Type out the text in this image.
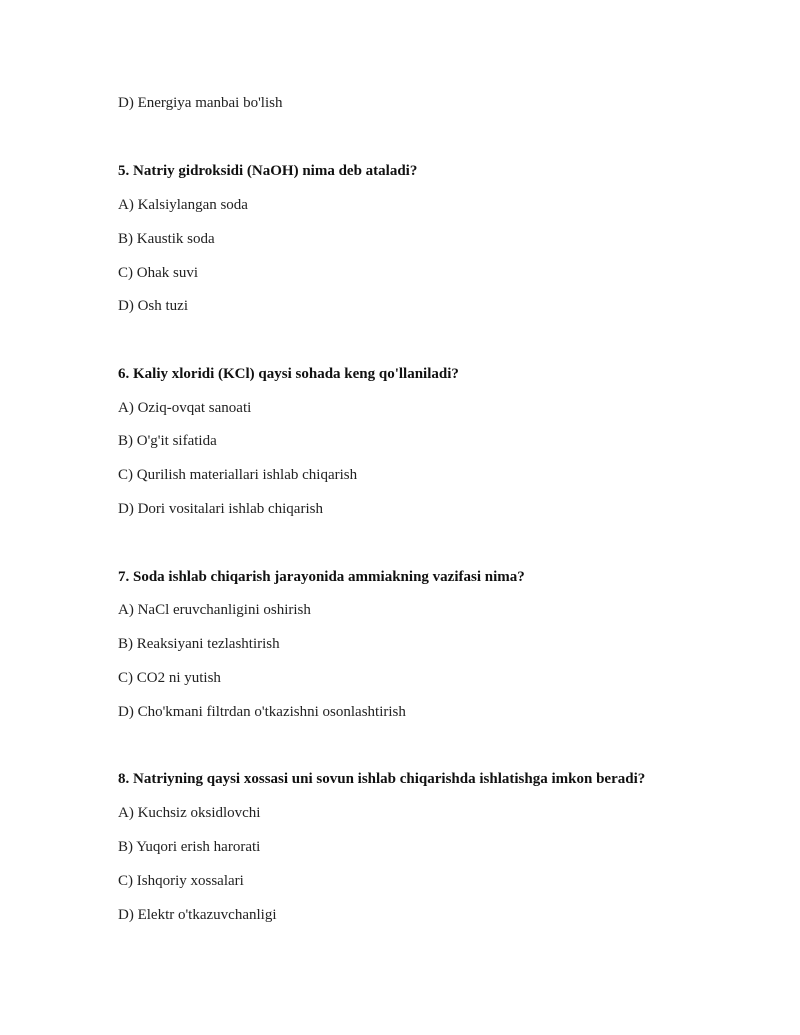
D) Energiya manbai bo'lish
5. Natriy gidroksidi (NaOH) nima deb ataladi?
A) Kalsiylangan soda
B) Kaustik soda
C) Ohak suvi
D) Osh tuzi
6. Kaliy xloridi (KCl) qaysi sohada keng qo'llaniladi?
A) Oziq-ovqat sanoati
B) O'g'it sifatida
C) Qurilish materiallari ishlab chiqarish
D) Dori vositalari ishlab chiqarish
7. Soda ishlab chiqarish jarayonida ammiakning vazifasi nima?
A) NaCl eruvchanligini oshirish
B) Reaksiyani tezlashtirish
C) CO2 ni yutish
D) Cho'kmani filtrdan o'tkazishni osonlashtirish
8. Natriyning qaysi xossasi uni sovun ishlab chiqarishda ishlatishga imkon beradi?
A) Kuchsiz oksidlovchi
B) Yuqori erish harorati
C) Ishqoriy xossalari
D) Elektr o'tkazuvchanligi
